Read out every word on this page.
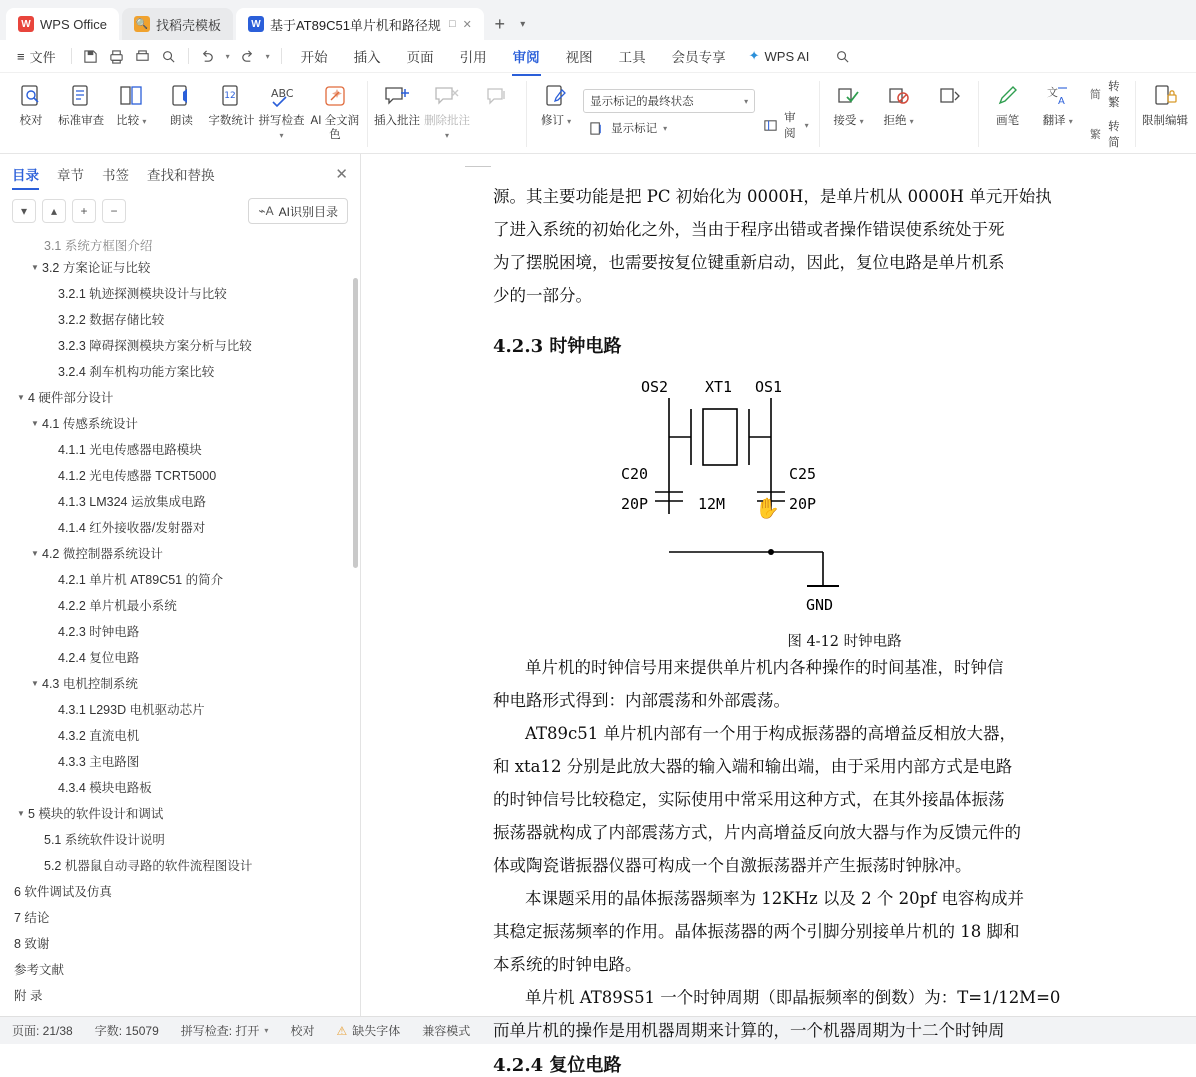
W WPS Office	🔍 找稻壳模板	W 基于AT89C51单片机和路径规 □ ✕	+	▾
≡ 文件	▾	▾	开始	插入	页面	引用	审阅	视图	工具	会员专享	✦ WPS AI
校对 标准审查 比较 ▾ 朗读
12
字数统计
ABC
拼写检查 ▾
AI 全文润色
插入批注 删除批注 ▾
修订 ▾
显示标记的最终状态	▾
显示标记 ▾
审阅
▾ 接受 ▾ 拒绝 ▾	画笔
文
A
翻译 ▾
简
转繁
繁
转简
限制编辑
目录 章节 书签 查找和替换	✕
▾	▴	+	−	⌁A AI识别目录
3.1 系统方框图介绍
▼ 3.2 方案论证与比较
3.2.1 轨迹探测模块设计与比较
3.2.2 数据存储比较
3.2.3 障碍探测模块方案分析与比较
3.2.4 刹车机构功能方案比较
▼ 4 硬件部分设计
▼ 4.1 传感系统设计
4.1.1 光电传感器电路模块
4.1.2 光电传感器 TCRT5000
4.1.3 LM324 运放集成电路
4.1.4 红外接收器/发射器对
▼ 4.2 微控制器系统设计
4.2.1 单片机 AT89C51 的简介
4.2.2 单片机最小系统
4.2.3 时钟电路
4.2.4 复位电路
▼ 4.3 电机控制系统
4.3.1 L293D 电机驱动芯片
4.3.2 直流电机
4.3.3 主电路图
4.3.4 模块电路板
▼ 5 模块的软件设计和调试
5.1 系统软件设计说明
5.2 机器鼠自动寻路的软件流程图设计
6 软件调试及仿真
7 结论
8 致谢
参考文献
附 录
源。其主要功能是把 PC 初始化为 0000H，是单片机从 0000H 单元开始执
了进入系统的初始化之外，当由于程序出错或者操作错误使系统处于死
为了摆脱困境，也需要按复位键重新启动，因此，复位电路是单片机系
少的一部分。
4.2.3 时钟电路
OS2 XT1 OS1
C20
20P
C25
20P
12M
GND
✋
图 4-12 时钟电路
单片机的时钟信号用来提供单片机内各种操作的时间基准，时钟信
种电路形式得到：内部震荡和外部震荡。
AT89c51 单片机内部有一个用于构成振荡器的高增益反相放大器，
和 xta12 分别是此放大器的输入端和输出端，由于采用内部方式是电路
的时钟信号比较稳定，实际使用中常采用这种方式，在其外接晶体振荡
振荡器就构成了内部震荡方式，片内高增益反向放大器与作为反馈元件的
体或陶瓷谐振器仪器可构成一个自激振荡器并产生振荡时钟脉冲。
本课题采用的晶体振荡器频率为 12KHz 以及 2 个 20pf 电容构成并
其稳定振荡频率的作用。晶体振荡器的两个引脚分别接单片机的 18 脚和
本系统的时钟电路。
单片机 AT89S51 一个时钟周期（即晶振频率的倒数）为：T=1/12M=0
而单片机的操作是用机器周期来计算的，一个机器周期为十二个时钟周
4.2.4 复位电路
页面: 21/38 字数: 15079 拼写检查: 打开 ▾ 校对 ⚠ 缺失字体 兼容模式
